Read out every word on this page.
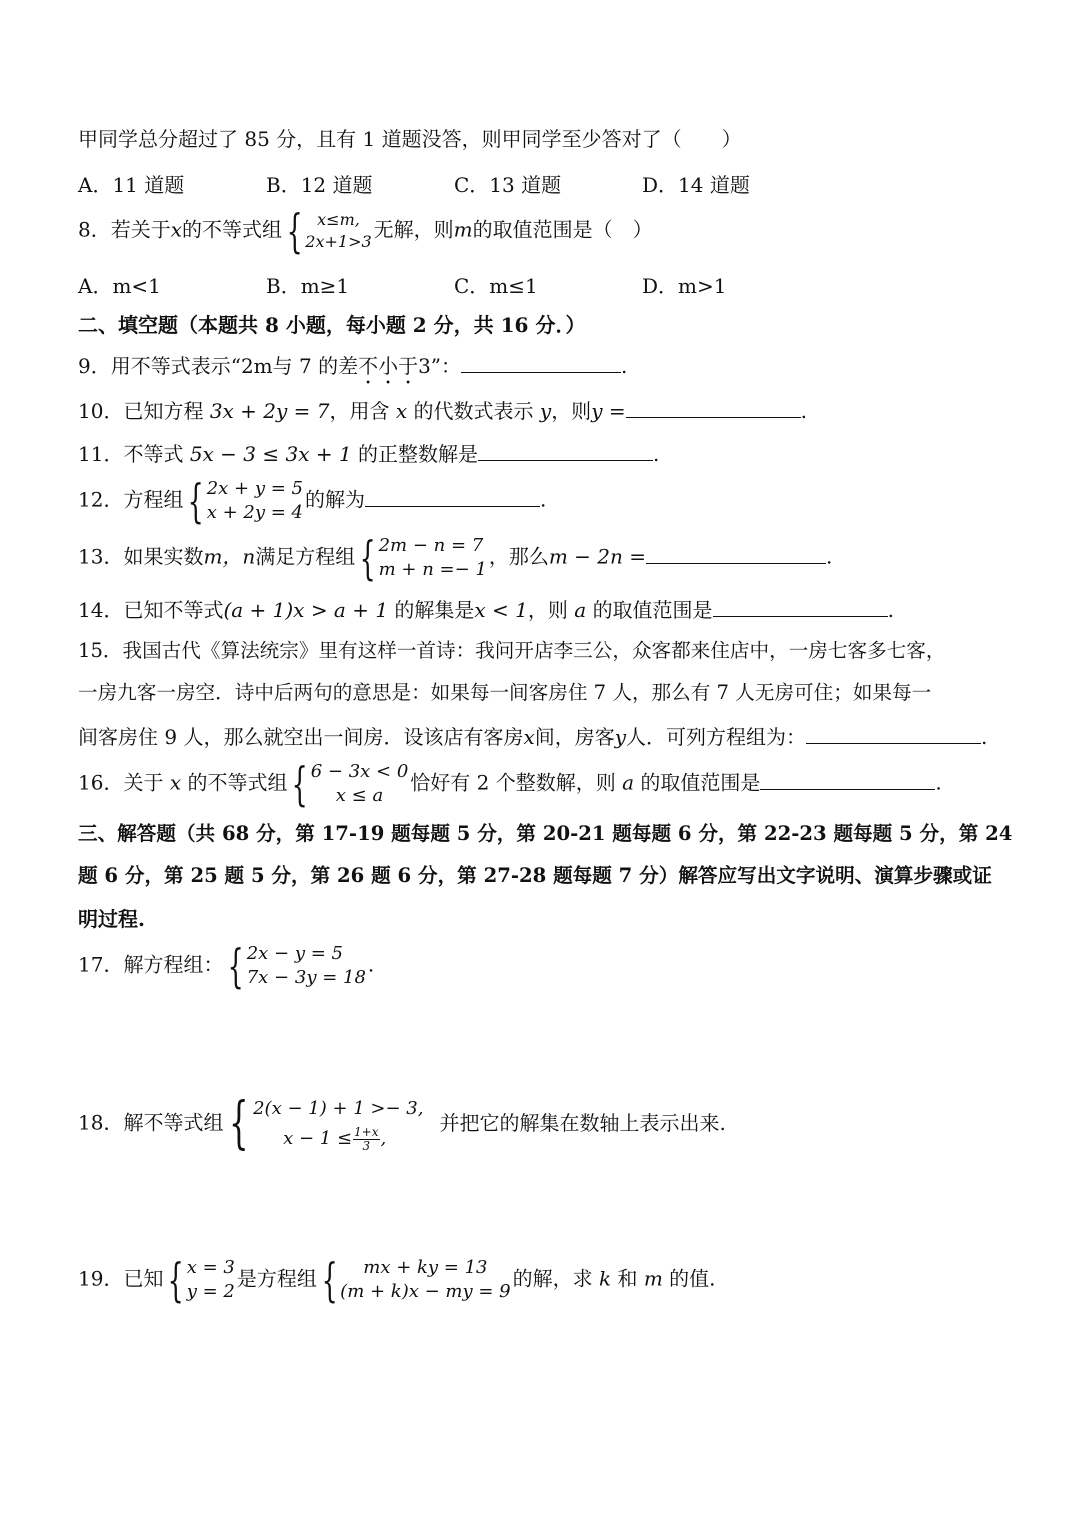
甲同学总分超过了 85 分，且有 1 道题没答，则甲同学至少答对了（　　）
A．11 道题	B．12 道题	C．13 道题	D．14 道题
8．若关于x的不等式组 { x≤m,
2x+1>3 无解，则m的取值范围是（　）
A．m<1	B．m≥1	C．m≤1	D．m>1
二、填空题（本题共 8 小题，每小题 2 分，共 16 分．）
9．用不等式表示“2m与 7 的差不小于3”：	.
10．已知方程 3x + 2y = 7，用含 x 的代数式表示 y，则y =	.
11．不等式 5x − 3 ≤ 3x + 1 的正整数解是	.
12．方程组 { 2x + y = 5
x + 2y = 4
的解为	.
13．如果实数m，n满足方程组 { 2m − n = 7
m + n =− 1
，那么m − 2n =	.
14．已知不等式(a + 1)x > a + 1 的解集是x < 1，则 a 的取值范围是	.
15．我国古代《算法统宗》里有这样一首诗：我问开店李三公，众客都来住店中，一房七客多七客，
一房九客一房空．诗中后两句的意思是：如果每一间客房住 7 人，那么有 7 人无房可住；如果每一
间客房住 9 人，那么就空出一间房．设该店有客房x间，房客y人．可列方程组为：	.
16．关于 x 的不等式组 { 6 − 3x < 0
x ≤ a
恰好有 2 个整数解，则 a 的取值范围是	.
三、解答题（共 68 分，第 17-19 题每题 5 分，第 20-21 题每题 6 分，第 22-23 题每题 5 分，第 24
题 6 分，第 25 题 5 分，第 26 题 6 分，第 27-28 题每题 7 分）解答应写出文字说明、演算步骤或证
明过程.
17．解方程组： { 2x − y = 5
7x − 3y = 18
.
18．解不等式组 { 2(x − 1) + 1 >− 3,
$x - 1 \le \frac{1+x}{3}$ ,
并把它的解集在数轴上表示出来.
19．已知 { x = 3
y = 2
是方程组 { mx + ky = 13
(m + k)x − my = 9
的解，求 k 和 m 的值.
